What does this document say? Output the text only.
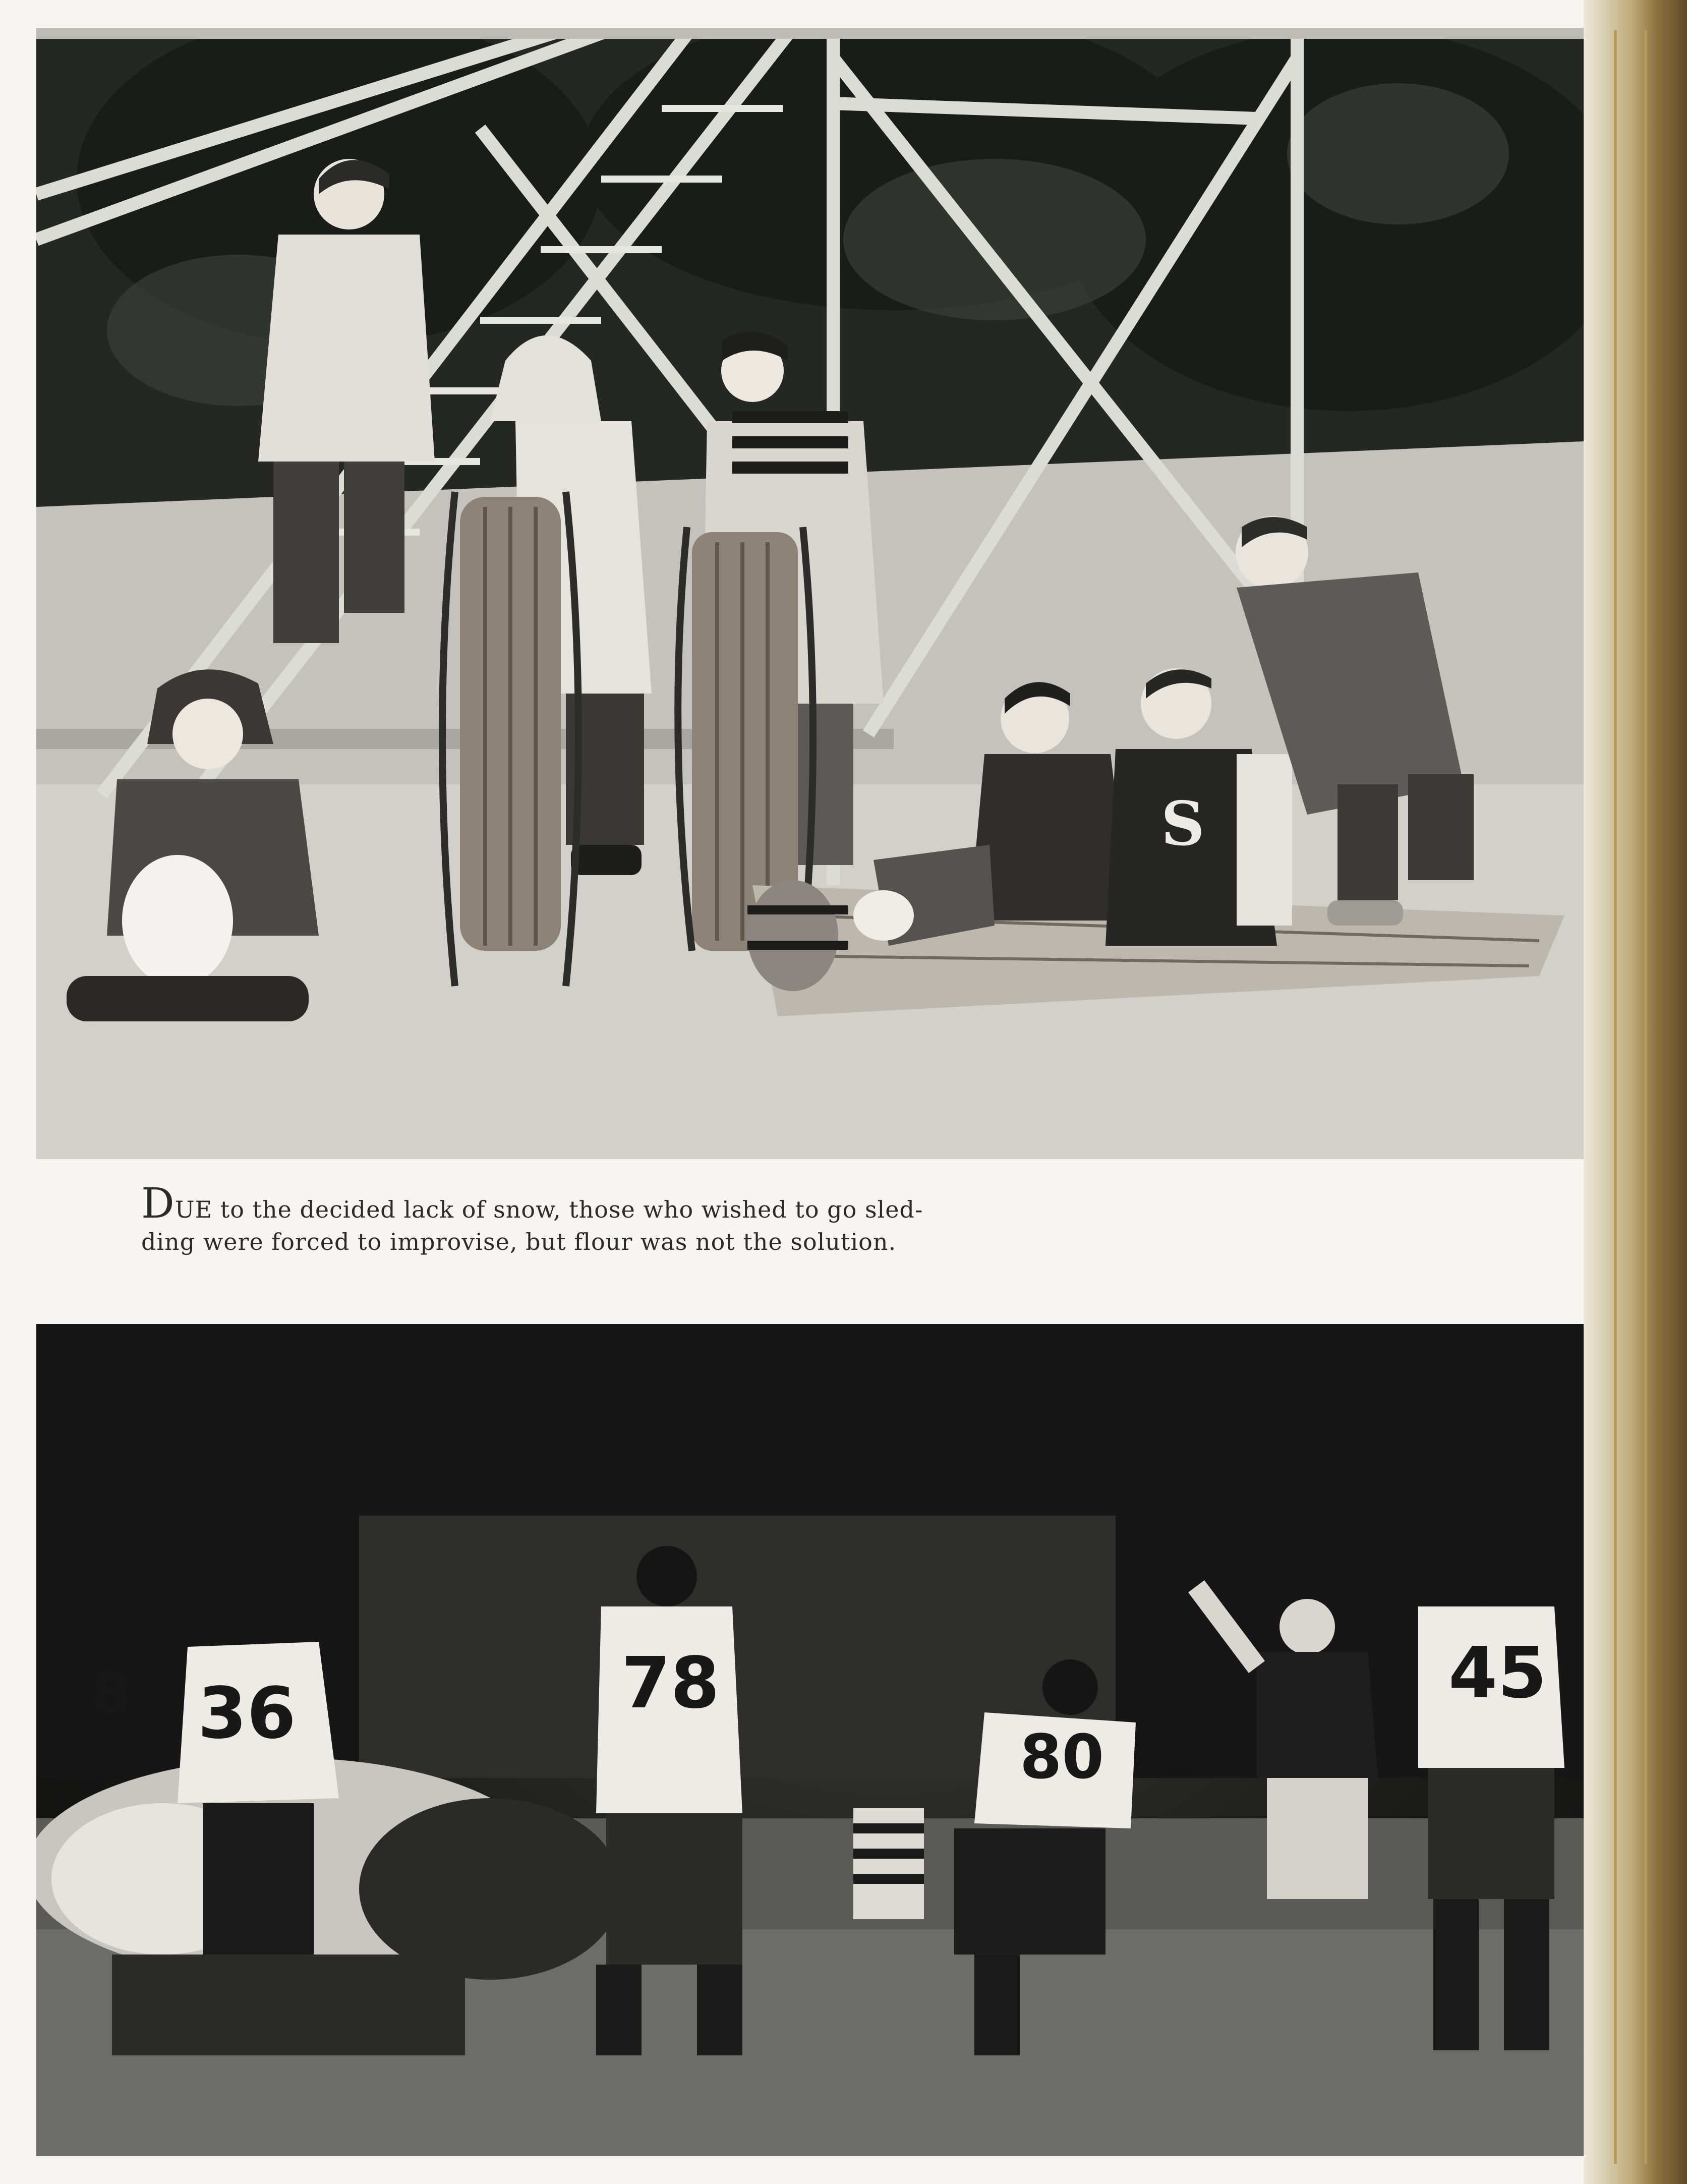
S
DUE to the decided lack of snow, those who wished to go sled-
ding were forced to improvise, but flour was not the solution.
36
8	78
80
45
